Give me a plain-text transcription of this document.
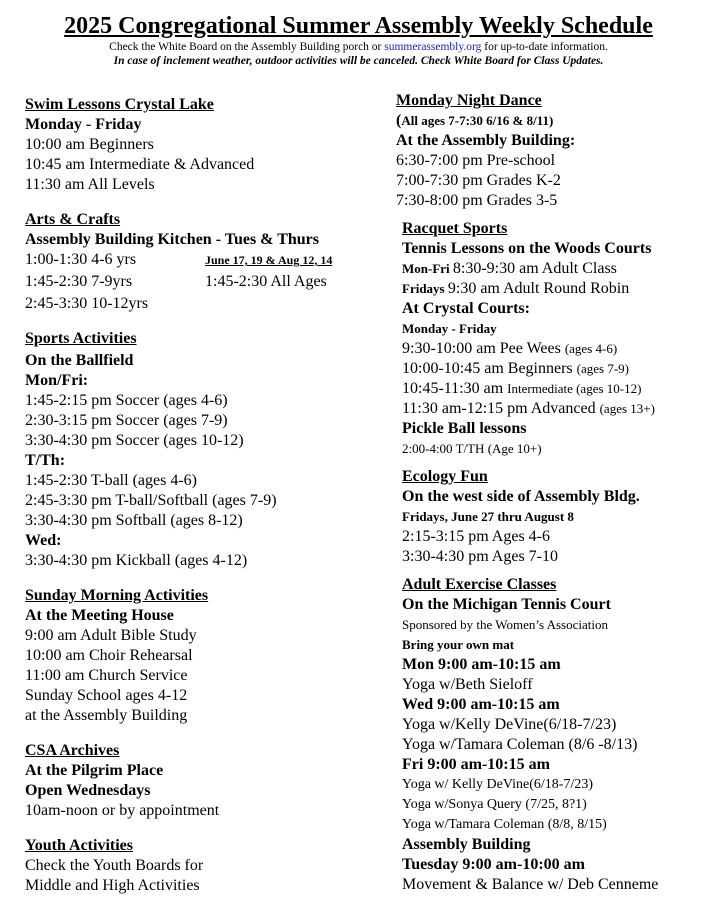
2025 Congregational Summer Assembly Weekly Schedule
Check the White Board on the Assembly Building porch or summerassembly.org for up-to-date information.
In case of inclement weather, outdoor activities will be canceled. Check White Board for Class Updates.
Swim Lessons Crystal Lake
Monday - Friday
10:00 am Beginners
10:45 am Intermediate & Advanced
11:30 am All Levels
Arts & Crafts
Assembly Building Kitchen - Tues & Thurs
1:00-1:30 4-6 yrs
1:45-2:30 7-9yrs
2:45-3:30 10-12yrs
June 17, 19 & Aug 12, 14
1:45-2:30 All Ages
Sports Activities
On the Ballfield
Mon/Fri:
1:45-2:15 pm Soccer (ages 4-6)
2:30-3:15 pm Soccer (ages 7-9)
3:30-4:30 pm Soccer (ages 10-12)
T/Th:
1:45-2:30 T-ball (ages 4-6)
2:45-3:30 pm T-ball/Softball (ages 7-9)
3:30-4:30 pm Softball (ages 8-12)
Wed:
3:30-4:30 pm Kickball (ages 4-12)
Sunday Morning Activities
At the Meeting House
9:00 am Adult Bible Study
10:00 am Choir Rehearsal
11:00 am Church Service
Sunday School ages 4-12
at the Assembly Building
CSA Archives
At the Pilgrim Place
Open Wednesdays
10am-noon or by appointment
Youth Activities
Check the Youth Boards for
Middle and High Activities
Monday Night Dance
(All ages 7-7:30 6/16 & 8/11)
At the Assembly Building:
6:30-7:00 pm Pre-school
7:00-7:30 pm Grades K-2
7:30-8:00 pm Grades 3-5
Racquet Sports
Tennis Lessons on the Woods Courts
Mon-Fri 8:30-9:30 am Adult Class
Fridays 9:30 am Adult Round Robin
At Crystal Courts:
Monday - Friday
9:30-10:00 am Pee Wees (ages 4-6)
10:00-10:45 am Beginners (ages 7-9)
10:45-11:30 am Intermediate (ages 10-12)
11:30 am-12:15 pm Advanced (ages 13+)
Pickle Ball lessons
2:00-4:00 T/TH (Age 10+)
Ecology Fun
On the west side of Assembly Bldg.
Fridays, June 27 thru August 8
2:15-3:15 pm Ages 4-6
3:30-4:30 pm Ages 7-10
Adult Exercise Classes
On the Michigan Tennis Court
Sponsored by the Women’s Association
Bring your own mat
Mon 9:00 am-10:15 am
Yoga w/Beth Sieloff
Wed 9:00 am-10:15 am
Yoga w/Kelly DeVine(6/18-7/23)
Yoga w/Tamara Coleman (8/6 -8/13)
Fri 9:00 am-10:15 am
Yoga w/ Kelly DeVine(6/18-7/23)
Yoga w/Sonya Query (7/25, 8?1)
Yoga w/Tamara Coleman (8/8, 8/15)
Assembly Building
Tuesday 9:00 am-10:00 am
Movement & Balance w/ Deb Cenneme
